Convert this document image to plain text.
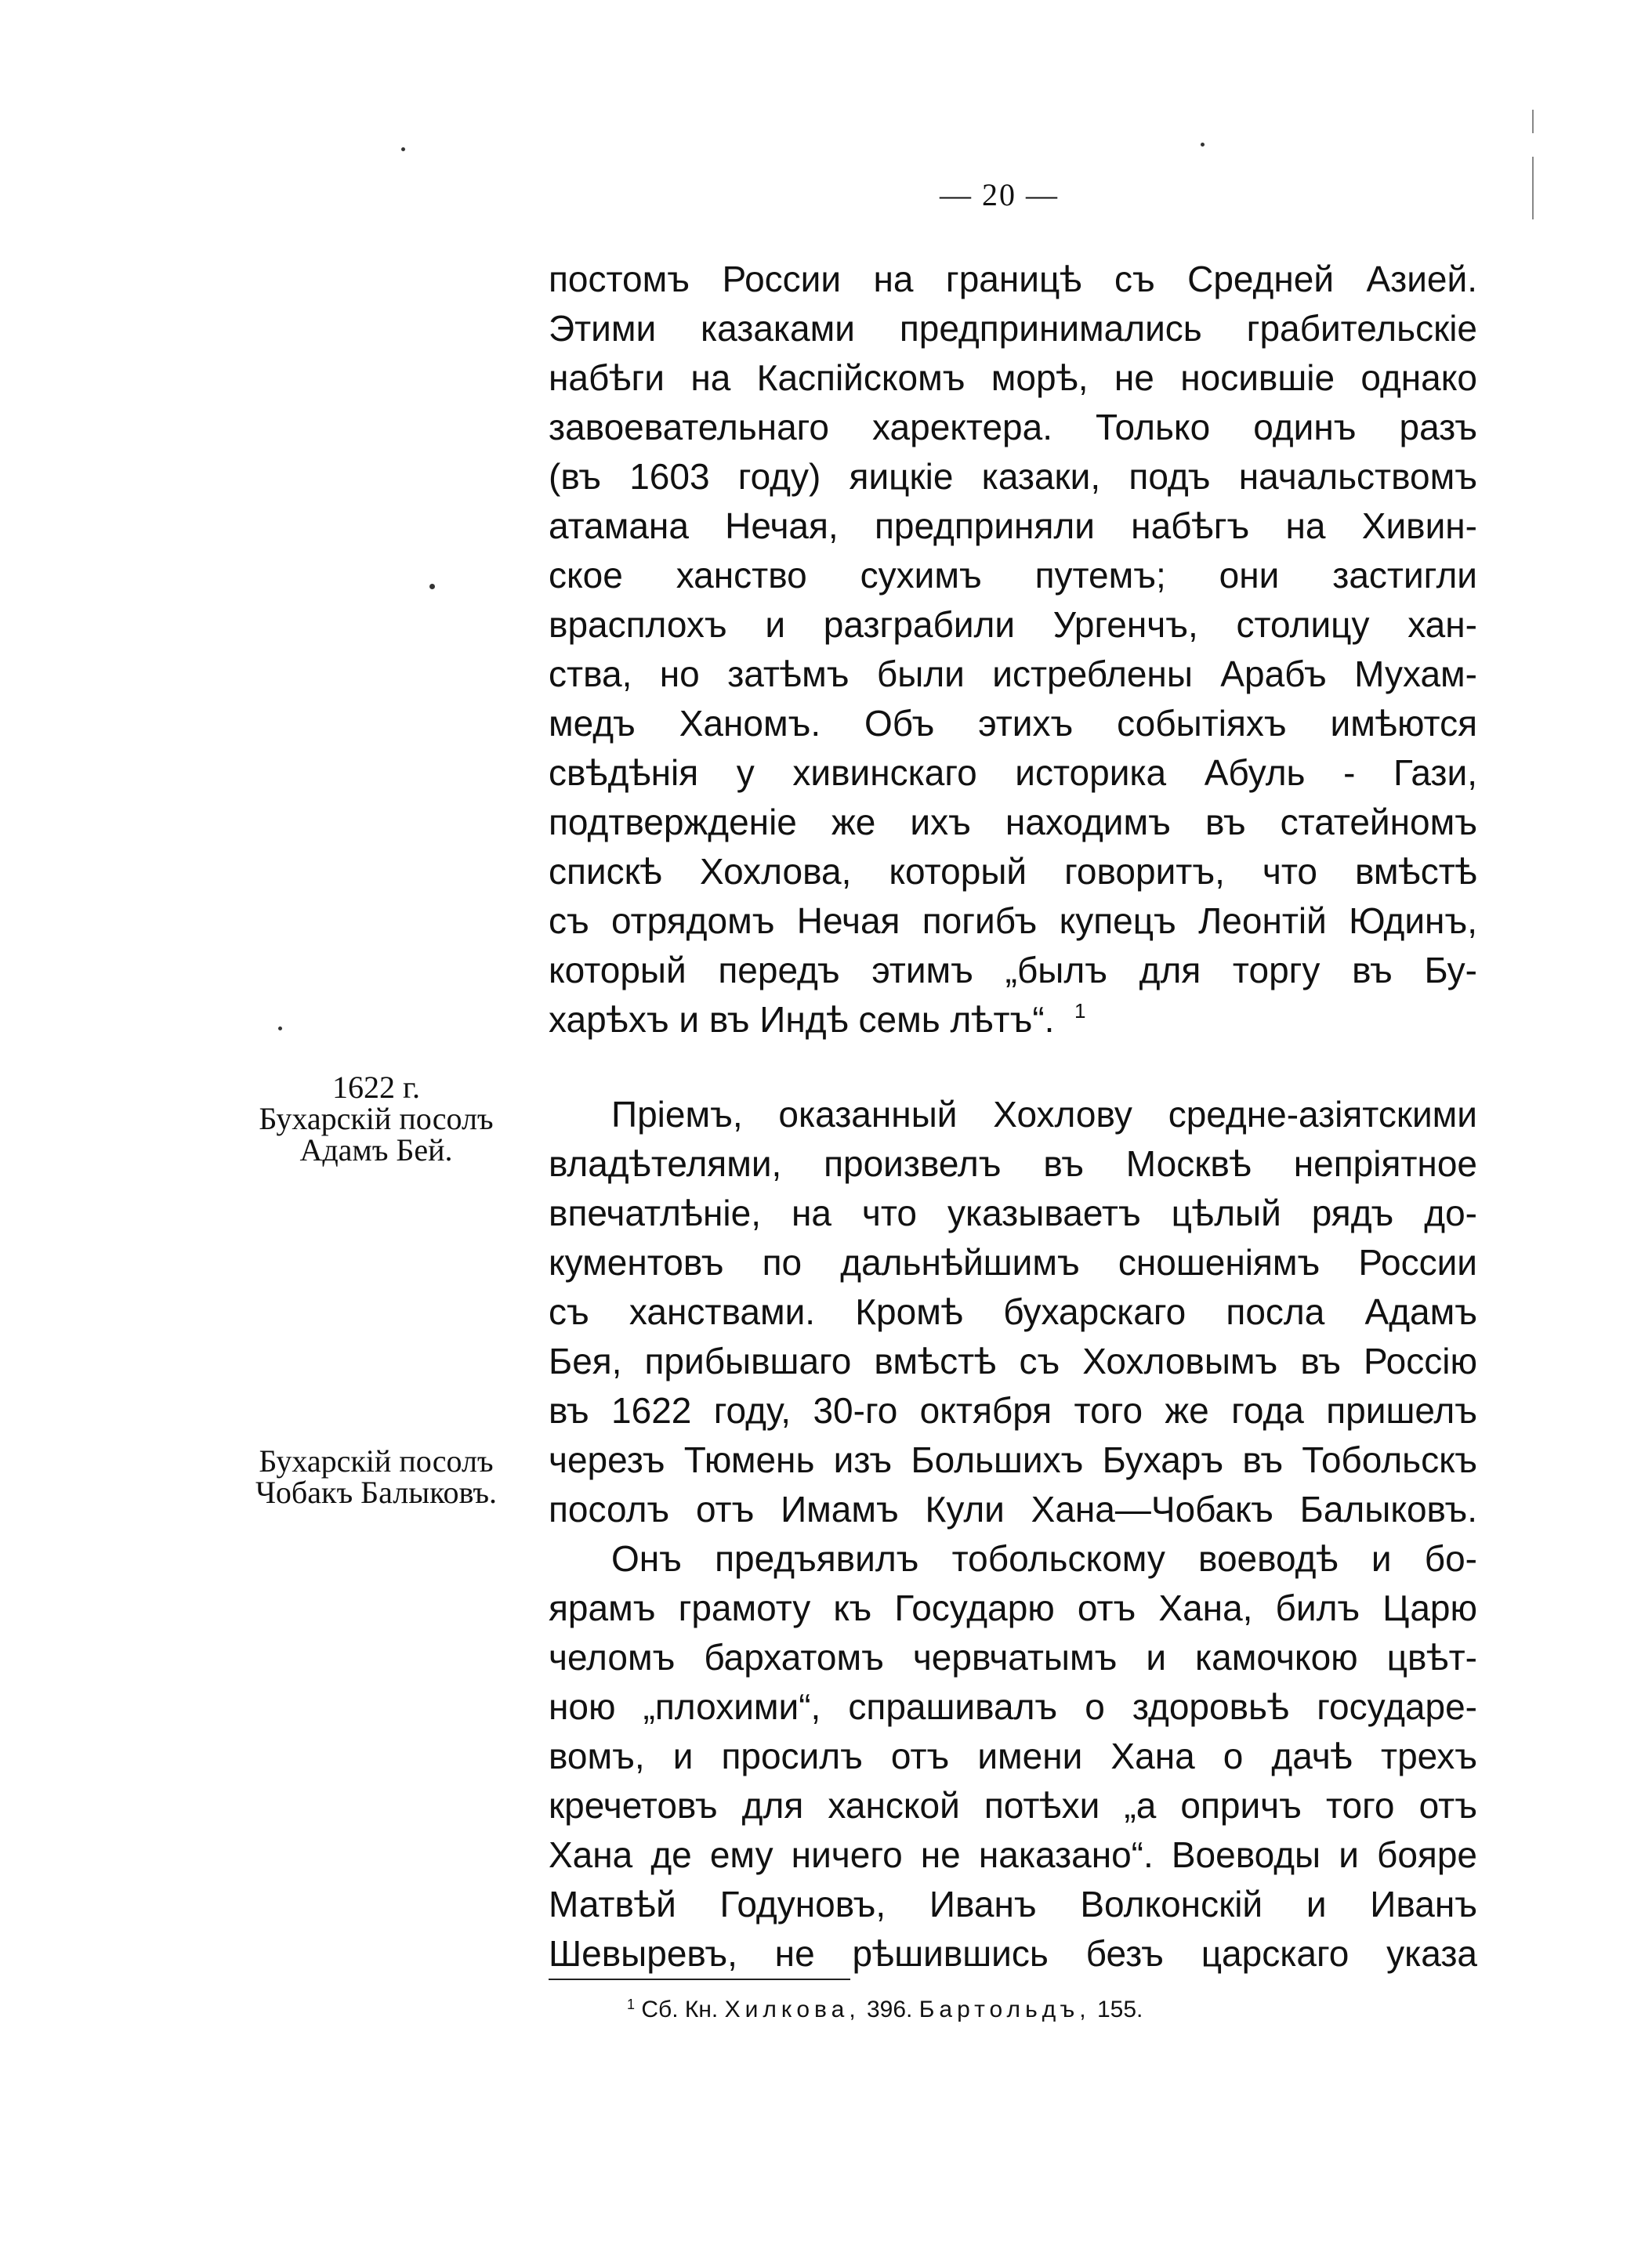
— 20 —
постомъ России на границѣ съ Средней Азией.
Этими казаками предпринимались грабительскіе
набѣги на Каспійскомъ морѣ, не носившіе однако
завоевательнаго харектера. Только одинъ разъ
(въ 1603 году) яицкіе казаки, подъ начальствомъ
атамана Нечая, предприняли набѣгъ на Хивин-
ское ханство сухимъ путемъ; они застигли
врасплохъ и разграбили Ургенчъ, столицу хан-
ства, но затѣмъ были истреблены Арабъ Мухам-
медъ Ханомъ. Объ этихъ событіяхъ имѣются
свѣдѣнія у хивинскаго историка Абуль - Гази,
подтвержденіе же ихъ находимъ въ статейномъ
спискѣ Хохлова, который говоритъ, что вмѣстѣ
съ отрядомъ Нечая погибъ купецъ Леонтій Юдинъ,
который передъ этимъ „былъ для торгу въ Бу-
харѣхъ и въ Индѣ семь лѣтъ“. $^1$
Пріемъ, оказанный Хохлову средне-азіятскими
владѣтелями, произвелъ въ Москвѣ непріятное
впечатлѣніе, на что указываетъ цѣлый рядъ до-
кументовъ по дальнѣйшимъ сношеніямъ России
съ ханствами. Кромѣ бухарскаго посла Адамъ
Бея, прибывшаго вмѣстѣ съ Хохловымъ въ Россію
въ 1622 году, 30-го октября того же года пришелъ
черезъ Тюмень изъ Большихъ Бухаръ въ Тобольскъ
посолъ отъ Имамъ Кули Хана—Чобакъ Балыковъ.
Онъ предъявилъ тобольскому воеводѣ и бо-
ярамъ грамоту къ Государю отъ Хана, билъ Царю
челомъ бархатомъ червчатымъ и камочкою цвѣт-
ною „плохими“, спрашивалъ о здоровьѣ государе-
вомъ, и просилъ отъ имени Хана о дачѣ трехъ
кречетовъ для ханской потѣхи „а опричъ того отъ
Хана де ему ничего не наказано“. Воеводы и бояре
Матвѣй Годуновъ, Иванъ Волконскій и Иванъ
Шевыревъ, не рѣшившись безъ царскаго указа
1622 г.
Бухарскій посолъ
Адамъ Бей.
Бухарскій посолъ
Чобакъ Балыковъ.
$^1$ Сб. Кн. Хилкова, 396. Бартольдъ, 155.
